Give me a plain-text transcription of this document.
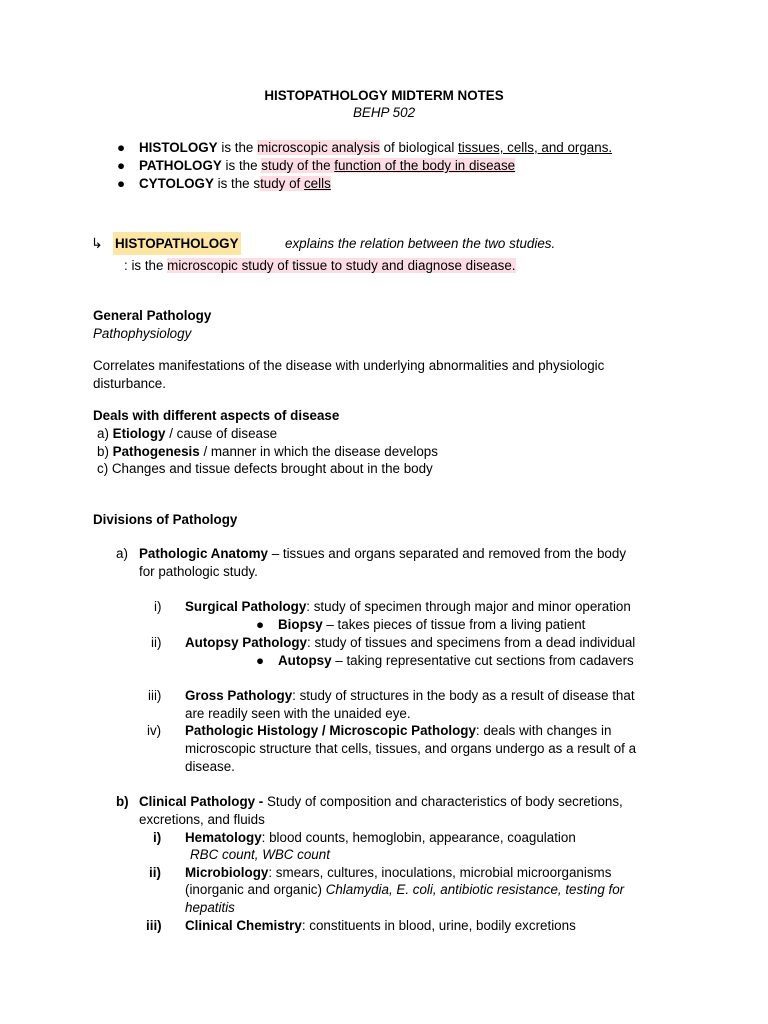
HISTOPATHOLOGY MIDTERM NOTES
BEHP 502
● HISTOLOGY is the microscopic analysis of biological tissues, cells, and organs.
● PATHOLOGY is the study of the function of the body in disease
● CYTOLOGY is the study of cells
↳ HISTOPATHOLOGY	explains the relation between the two studies.
: is the microscopic study of tissue to study and diagnose disease.
General Pathology
Pathophysiology
Correlates manifestations of the disease with underlying abnormalities and physiologic
disturbance.
Deals with different aspects of disease
a) Etiology / cause of disease
b) Pathogenesis / manner in which the disease develops
c) Changes and tissue defects brought about in the body
Divisions of Pathology
a) Pathologic Anatomy – tissues and organs separated and removed from the body
for pathologic study.
i) Surgical Pathology: study of specimen through major and minor operation
● Biopsy – takes pieces of tissue from a living patient
ii) Autopsy Pathology: study of tissues and specimens from a dead individual
● Autopsy – taking representative cut sections from cadavers
iii) Gross Pathology: study of structures in the body as a result of disease that
are readily seen with the unaided eye.
iv) Pathologic Histology / Microscopic Pathology: deals with changes in
microscopic structure that cells, tissues, and organs undergo as a result of a
disease.
b) Clinical Pathology - Study of composition and characteristics of body secretions,
excretions, and fluids
i) Hematology: blood counts, hemoglobin, appearance, coagulation
RBC count, WBC count
ii) Microbiology: smears, cultures, inoculations, microbial microorganisms
(inorganic and organic) Chlamydia, E. coli, antibiotic resistance, testing for
hepatitis
iii) Clinical Chemistry: constituents in blood, urine, bodily excretions
